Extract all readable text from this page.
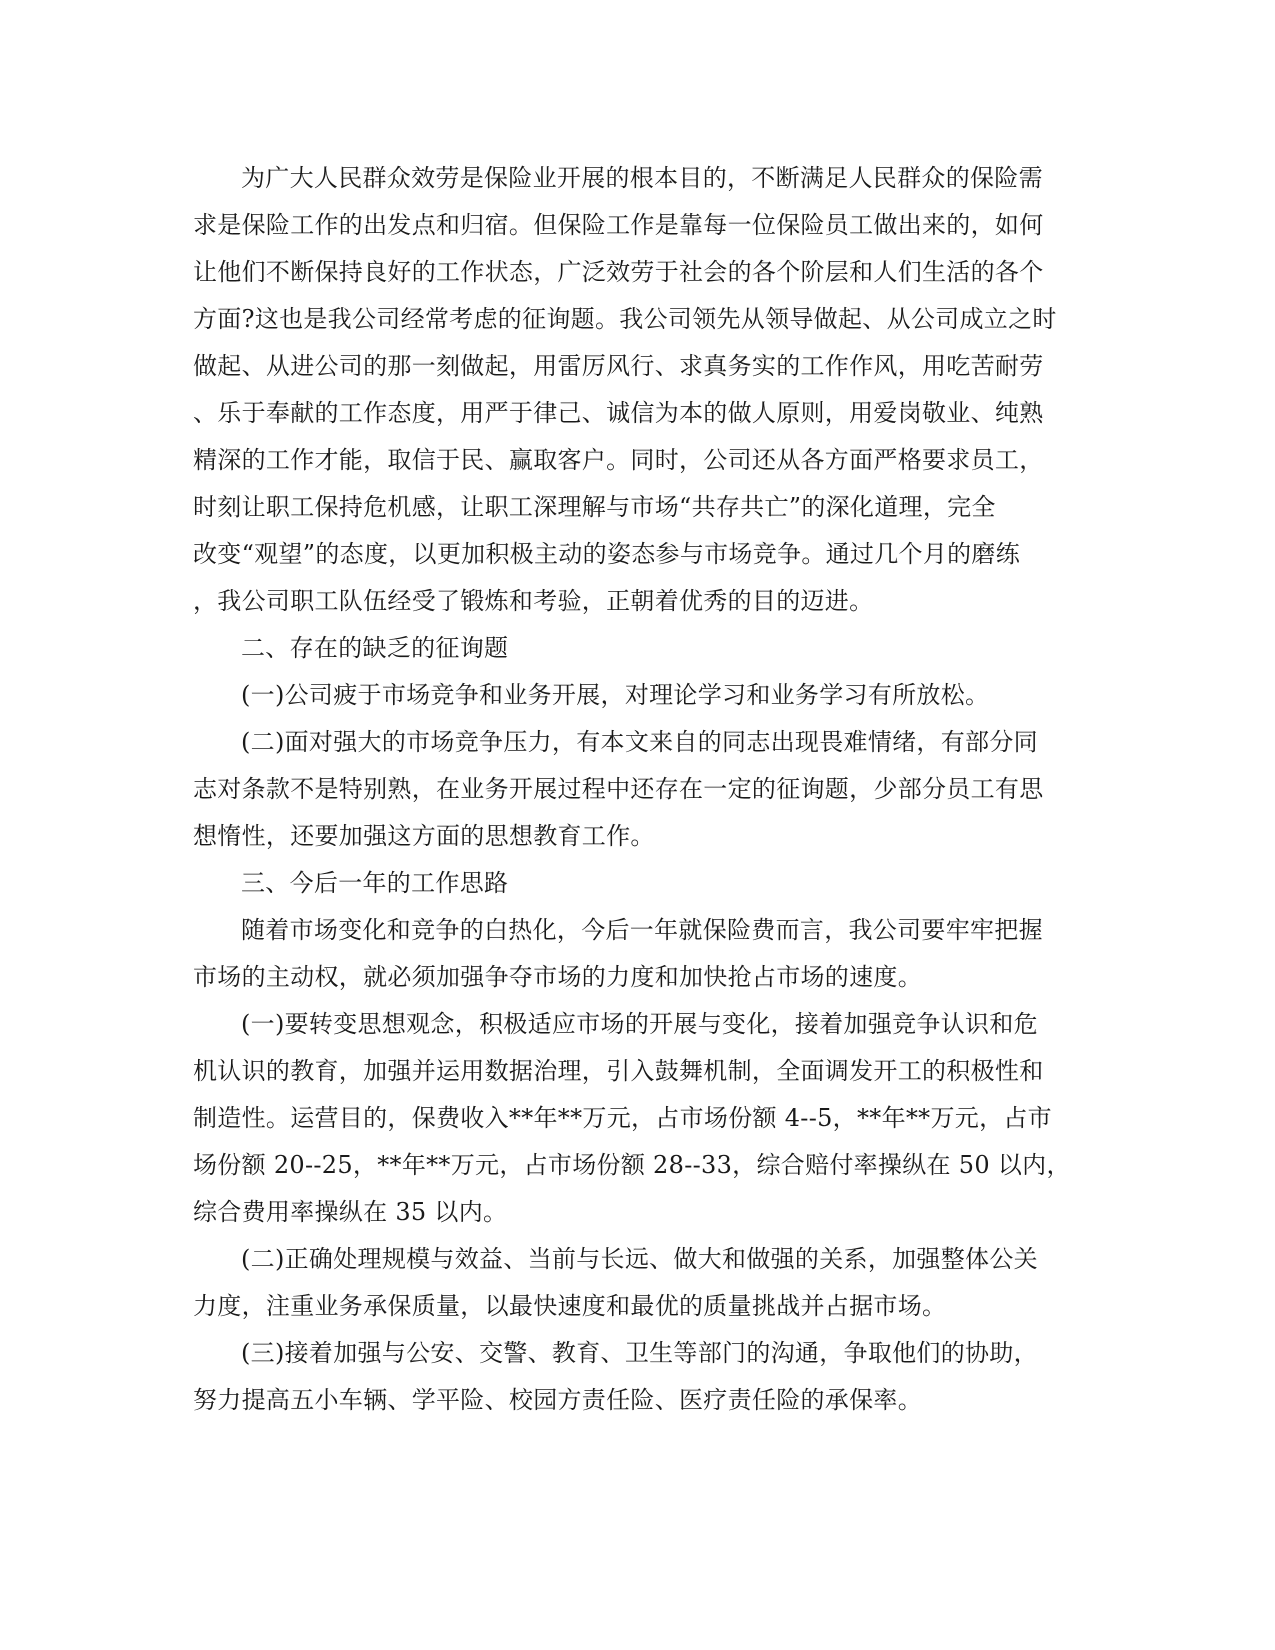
为广大人民群众效劳是保险业开展的根本目的，不断满足人民群众的保险需
求是保险工作的出发点和归宿。但保险工作是靠每一位保险员工做出来的，如何
让他们不断保持良好的工作状态，广泛效劳于社会的各个阶层和人们生活的各个
方面?这也是我公司经常考虑的征询题。我公司领先从领导做起、从公司成立之时
做起、从进公司的那一刻做起，用雷厉风行、求真务实的工作作风，用吃苦耐劳
、乐于奉献的工作态度，用严于律己、诚信为本的做人原则，用爱岗敬业、纯熟
精深的工作才能，取信于民、赢取客户。同时，公司还从各方面严格要求员工，
时刻让职工保持危机感，让职工深理解与市场“共存共亡”的深化道理，完全
改变“观望”的态度，以更加积极主动的姿态参与市场竞争。通过几个月的磨练
，我公司职工队伍经受了锻炼和考验，正朝着优秀的目的迈进。
二、存在的缺乏的征询题
(一)公司疲于市场竞争和业务开展，对理论学习和业务学习有所放松。
(二)面对强大的市场竞争压力，有本文来自的同志出现畏难情绪，有部分同
志对条款不是特别熟，在业务开展过程中还存在一定的征询题，少部分员工有思
想惰性，还要加强这方面的思想教育工作。
三、今后一年的工作思路
随着市场变化和竞争的白热化，今后一年就保险费而言，我公司要牢牢把握
市场的主动权，就必须加强争夺市场的力度和加快抢占市场的速度。
(一)要转变思想观念，积极适应市场的开展与变化，接着加强竞争认识和危
机认识的教育，加强并运用数据治理，引入鼓舞机制，全面调发开工的积极性和
制造性。运营目的，保费收入**年**万元，占市场份额 4--5，**年**万元，占市
场份额 20--25，**年**万元，占市场份额 28--33，综合赔付率操纵在 50 以内，
综合费用率操纵在 35 以内。
(二)正确处理规模与效益、当前与长远、做大和做强的关系，加强整体公关
力度，注重业务承保质量，以最快速度和最优的质量挑战并占据市场。
(三)接着加强与公安、交警、教育、卫生等部门的沟通，争取他们的协助，
努力提高五小车辆、学平险、校园方责任险、医疗责任险的承保率。
